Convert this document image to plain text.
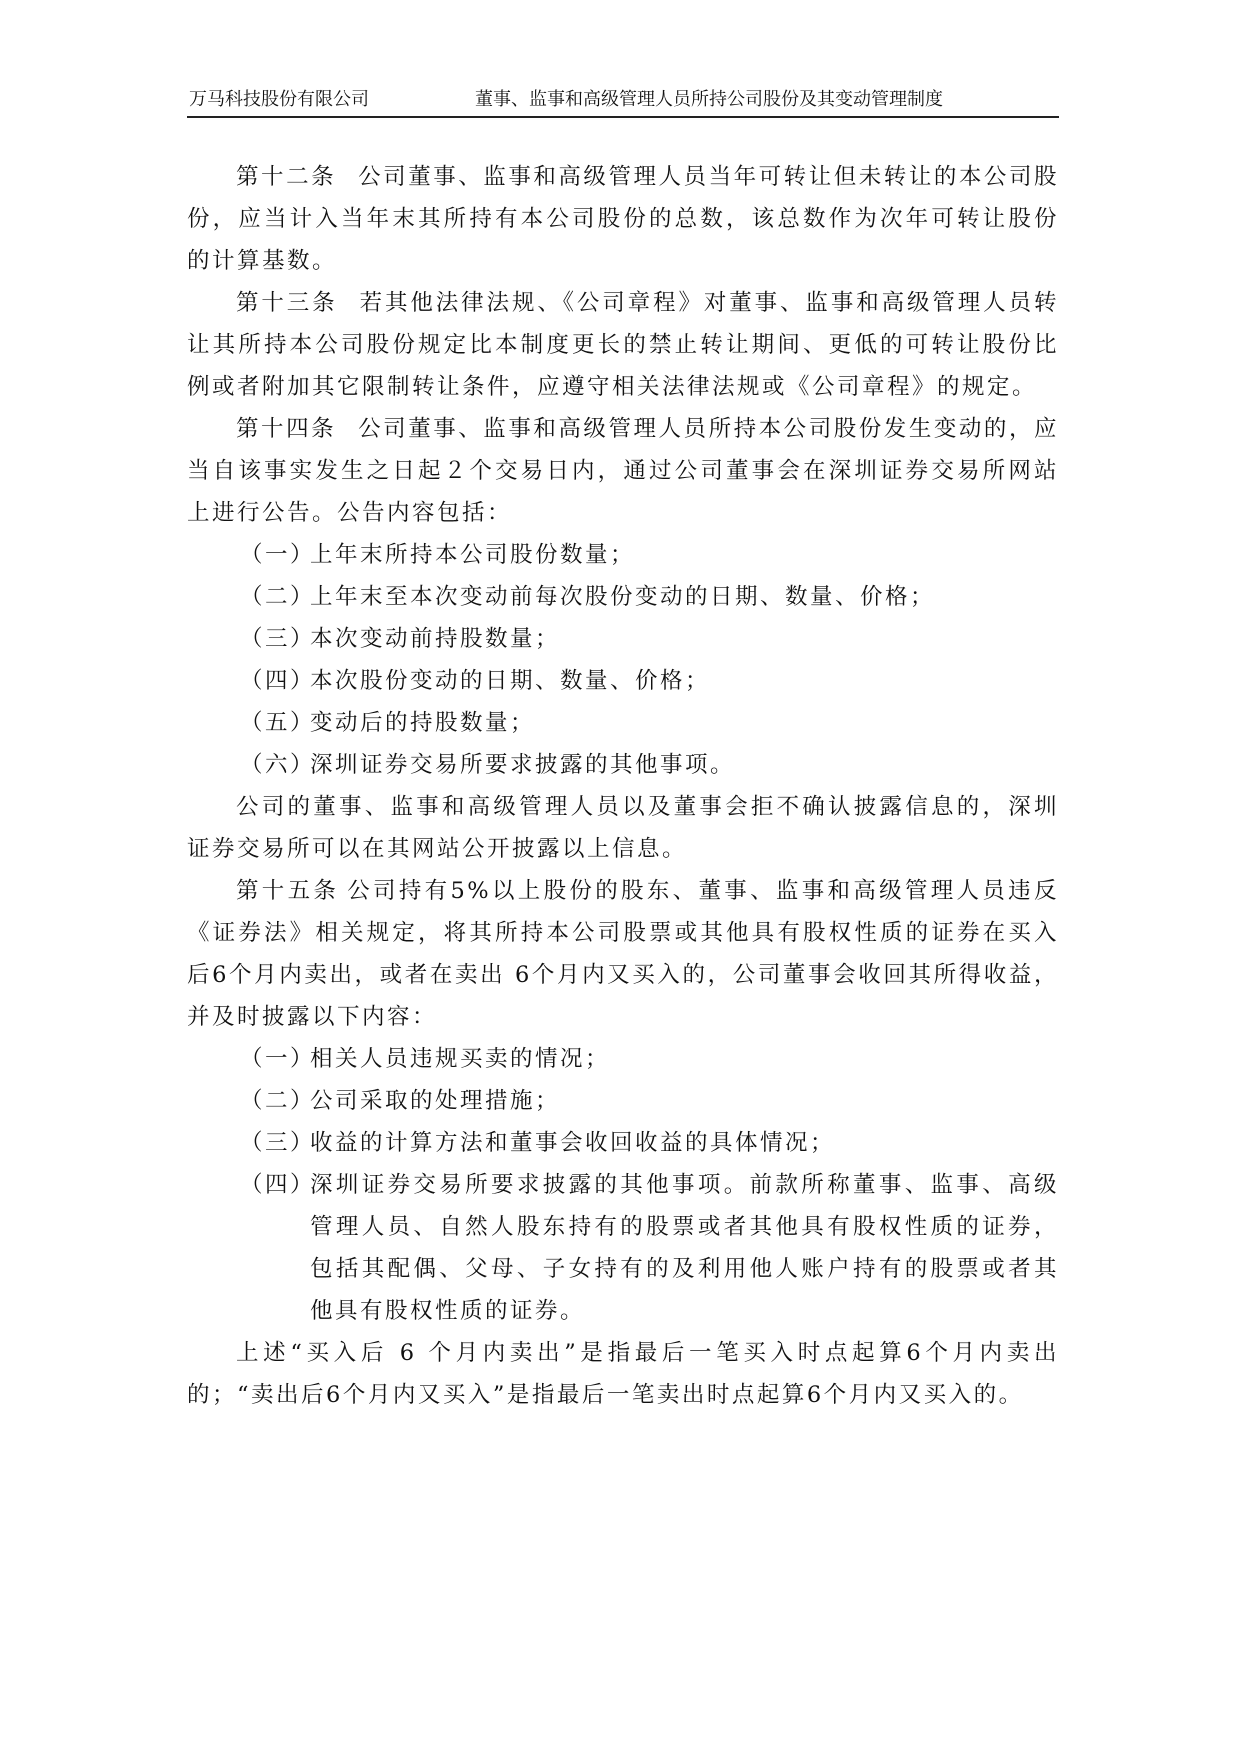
万马科技股份有限公司	董事、监事和高级管理人员所持公司股份及其变动管理制度

第十二条 公司董事、监事和高级管理人员当年可转让但未转让的本公司股份，应当计入当年末其所持有本公司股份的总数，该总数作为次年可转让股份的计算基数。

第十三条 若其他法律法规、《公司章程》对董事、监事和高级管理人员转让其所持本公司股份规定比本制度更长的禁止转让期间、更低的可转让股份比例或者附加其它限制转让条件，应遵守相关法律法规或《公司章程》的规定。

第十四条 公司董事、监事和高级管理人员所持本公司股份发生变动的，应当自该事实发生之日起２个交易日内，通过公司董事会在深圳证券交易所网站上进行公告。公告内容包括：

（一）
上年末所持本公司股份数量；
（二）
上年末至本次变动前每次股份变动的日期、数量、价格；
（三）
本次变动前持股数量；
（四）
本次股份变动的日期、数量、价格；
（五）
变动后的持股数量；
（六）
深圳证券交易所要求披露的其他事项。

公司的董事、监事和高级管理人员以及董事会拒不确认披露信息的，深圳证券交易所可以在其网站公开披露以上信息。

第十五条 公司持有5%以上股份的股东、董事、监事和高级管理人员违反《证券法》相关规定，将其所持本公司股票或其他具有股权性质的证券在买入后6个月内卖出，或者在卖出 6个月内又买入的，公司董事会收回其所得收益，并及时披露以下内容：

（一）
相关人员违规买卖的情况；
（二）
公司采取的处理措施；
（三）
收益的计算方法和董事会收回收益的具体情况；
（四）
深圳证券交易所要求披露的其他事项。前款所称董事、监事、高级管理人员、自然人股东持有的股票或者其他具有股权性质的证券，包括其配偶、父母、子女持有的及利用他人账户持有的股票或者其他具有股权性质的证券。

上述“买入后 6 个月内卖出”是指最后一笔买入时点起算6个月内卖出的；“卖出后6个月内又买入”是指最后一笔卖出时点起算6个月内又买入的。
